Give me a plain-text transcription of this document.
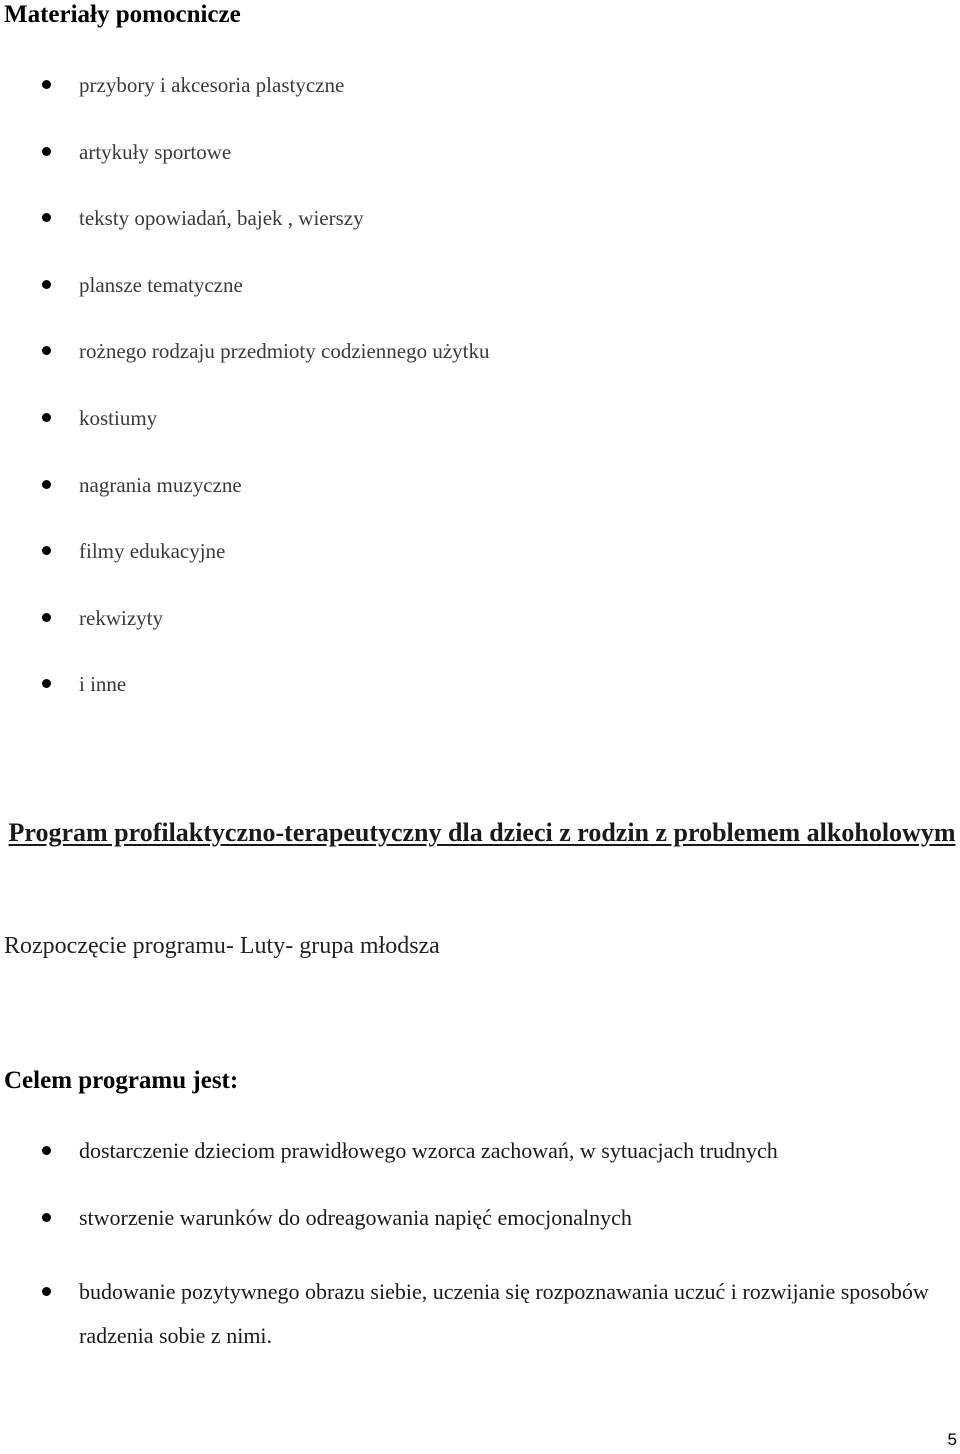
Materiały pomocnicze
przybory i akcesoria plastyczne
artykuły sportowe
teksty opowiadań, bajek , wierszy
plansze tematyczne
rożnego rodzaju przedmioty codziennego użytku
kostiumy
nagrania muzyczne
filmy edukacyjne
rekwizyty
i inne
Program profilaktyczno-terapeutyczny dla dzieci z rodzin z problemem alkoholowym

Rozpoczęcie programu- Luty- grupa młodsza

Celem programu jest:
dostarczenie dzieciom prawidłowego wzorca zachowań, w sytuacjach trudnych
stworzenie warunków do odreagowania napięć emocjonalnych
budowanie pozytywnego obrazu siebie, uczenia się rozpoznawania uczuć i rozwijanie sposobów radzenia sobie z nimi.
5
